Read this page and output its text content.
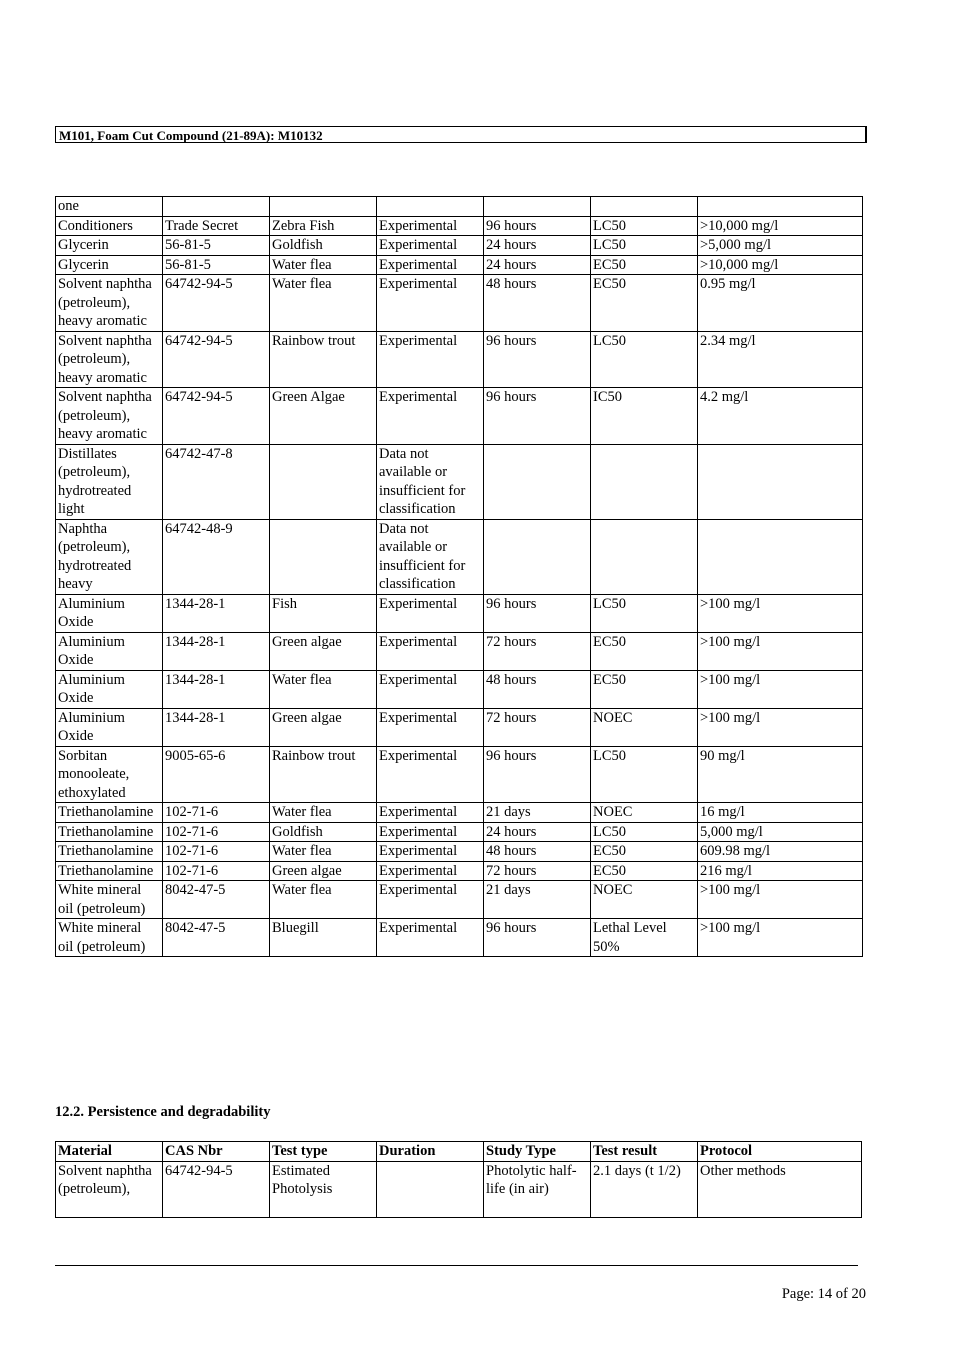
M101, Foam Cut Compound (21-89A): M10132
one						
Conditioners	Trade Secret	Zebra Fish	Experimental	96 hours	LC50	>10,000 mg/l
Glycerin	56-81-5	Goldfish	Experimental	24 hours	LC50	>5,000 mg/l
Glycerin	56-81-5	Water flea	Experimental	24 hours	EC50	>10,000 mg/l
Solvent naphtha (petroleum), heavy aromatic	64742-94-5	Water flea	Experimental	48 hours	EC50	0.95 mg/l
Solvent naphtha (petroleum), heavy aromatic	64742-94-5	Rainbow trout	Experimental	96 hours	LC50	2.34 mg/l
Solvent naphtha (petroleum), heavy aromatic	64742-94-5	Green Algae	Experimental	96 hours	IC50	4.2 mg/l
Distillates (petroleum), hydrotreated light	64742-47-8		Data not available or insufficient for classification			
Naphtha (petroleum), hydrotreated heavy	64742-48-9		Data not available or insufficient for classification			
Aluminium Oxide	1344-28-1	Fish	Experimental	96 hours	LC50	>100 mg/l
Aluminium Oxide	1344-28-1	Green algae	Experimental	72 hours	EC50	>100 mg/l
Aluminium Oxide	1344-28-1	Water flea	Experimental	48 hours	EC50	>100 mg/l
Aluminium Oxide	1344-28-1	Green algae	Experimental	72 hours	NOEC	>100 mg/l
Sorbitan monooleate, ethoxylated	9005-65-6	Rainbow trout	Experimental	96 hours	LC50	90 mg/l
Triethanolamine	102-71-6	Water flea	Experimental	21 days	NOEC	16 mg/l
Triethanolamine	102-71-6	Goldfish	Experimental	24 hours	LC50	5,000 mg/l
Triethanolamine	102-71-6	Water flea	Experimental	48 hours	EC50	609.98 mg/l
Triethanolamine	102-71-6	Green algae	Experimental	72 hours	EC50	216 mg/l
White mineral oil (petroleum)	8042-47-5	Water flea	Experimental	21 days	NOEC	>100 mg/l
White mineral oil (petroleum)	8042-47-5	Bluegill	Experimental	96 hours	Lethal Level 50%	>100 mg/l
12.2. Persistence and degradability
Material	CAS Nbr	Test type	Duration	Study Type	Test result	Protocol
Solvent naphtha (petroleum),	64742-94-5	Estimated Photolysis		Photolytic half-life (in air)	2.1 days (t 1/2)	Other methods
Page: 14 of 20
